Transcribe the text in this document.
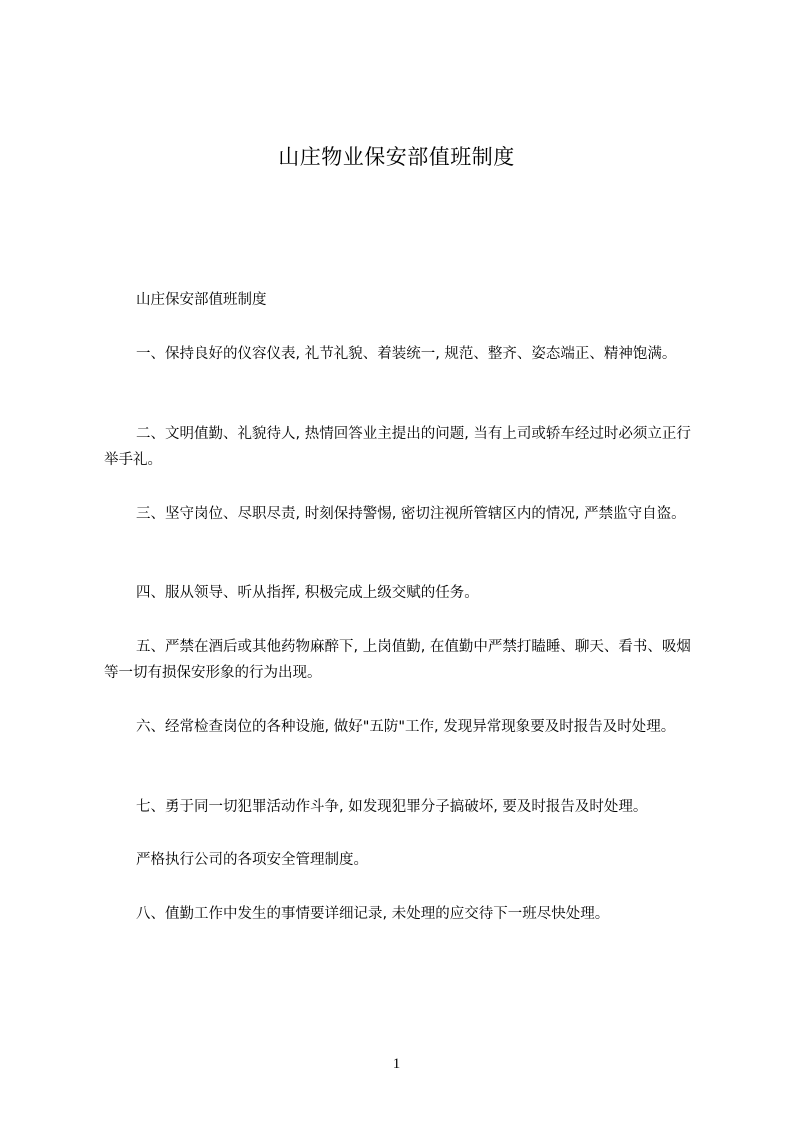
山庄物业保安部值班制度

山庄保安部值班制度

一、保持良好的仪容仪表, 礼节礼貌、着装统一, 规范、整齐、姿态端正、精神饱满。

二、文明值勤、礼貌待人, 热情回答业主提出的问题, 当有上司或轿车经过时必须立正行举手礼。

三、坚守岗位、尽职尽责, 时刻保持警惕, 密切注视所管辖区内的情况, 严禁监守自盗。

四、服从领导、听从指挥, 积极完成上级交赋的任务。

五、严禁在酒后或其他药物麻醉下, 上岗值勤, 在值勤中严禁打瞌睡、聊天、看书、吸烟等一切有损保安形象的行为出现。

六、经常检查岗位的各种设施, 做好"五防"工作, 发现异常现象要及时报告及时处理。

七、勇于同一切犯罪活动作斗争, 如发现犯罪分子搞破坏, 要及时报告及时处理。

严格执行公司的各项安全管理制度。

八、值勤工作中发生的事情要详细记录, 未处理的应交待下一班尽快处理。

1
